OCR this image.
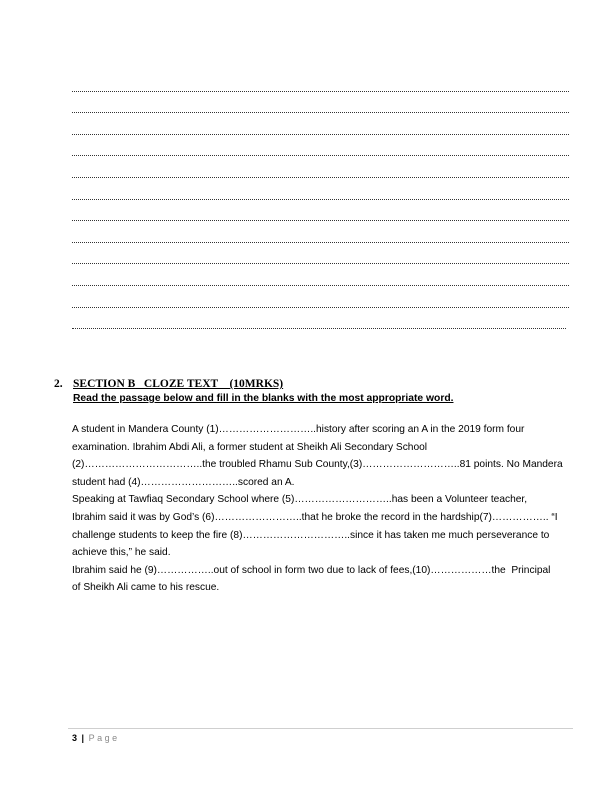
2. SECTION B   CLOZE TEXT    (10MRKS)
Read the passage below and fill in the blanks with the most appropriate word.
A student in Mandera County (1)………………………..history after scoring an A in the 2019 form four
examination. Ibrahim Abdi Ali, a former student at Sheikh Ali Secondary School
(2)……………………………..the troubled Rhamu Sub County,(3)………………………..81 points. No Mandera
student had (4)………………………..scored an A.
Speaking at Tawfiaq Secondary School where (5)………………………..has been a Volunteer teacher,
Ibrahim said it was by God’s (6)……………………..that he broke the record in the hardship(7)…………….. “I
challenge students to keep the fire (8)…………………………..since it has taken me much perseverance to
achieve this,” he said.
Ibrahim said he (9)……………..out of school in form two due to lack of fees,(10)………………the  Principal
of Sheikh Ali came to his rescue.
3 | Page
